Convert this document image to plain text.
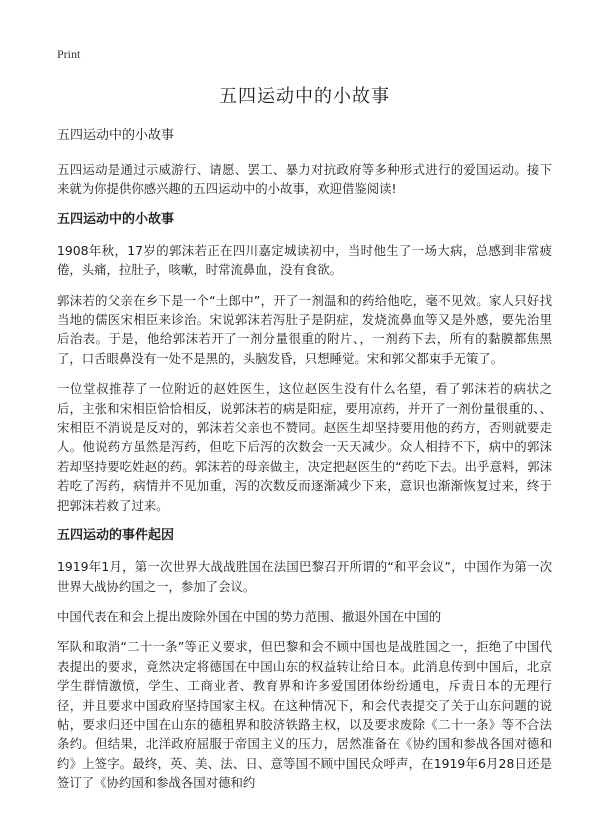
Print
五四运动中的小故事
五四运动中的小故事

五四运动是通过示威游行、请愿、罢工、暴力对抗政府等多种形式进行的爱国运动。接下来就为你提供你感兴趣的五四运动中的小故事，欢迎借鉴阅读!

五四运动中的小故事

1908年秋，17岁的郭沫若正在四川嘉定城读初中，当时他生了一场大病，总感到非常疲倦，头痛，拉肚子，咳嗽，时常流鼻血，没有食欲。

郭沫若的父亲在乡下是一个“土郎中”，开了一剂温和的药给他吃，毫不见效。家人只好找当地的儒医宋相臣来诊治。宋说郭沫若泻肚子是阴症，发烧流鼻血等又是外感，要先治里后治表。于是，他给郭沫若开了一剂分量很重的附片、，一剂药下去，所有的黏膜都焦黑了，口舌眼鼻没有一处不是黑的，头脑发昏，只想睡觉。宋和郭父都束手无策了。

一位堂叔推荐了一位附近的赵姓医生，这位赵医生没有什么名望，看了郭沫若的病状之后，主张和宋相臣恰恰相反，说郭沫若的病是阳症，要用凉药，并开了一剂份量很重的、、宋相臣不消说是反对的，郭沫若父亲也不赞同。赵医生却坚持要用他的药方，否则就要走人。他说药方虽然是泻药，但吃下后泻的次数会一天天减少。众人相持不下，病中的郭沫若却坚持要吃姓赵的药。郭沫若的母亲做主，决定把赵医生的“药吃下去。出乎意料，郭沫若吃了泻药，病情并不见加重，泻的次数反而逐渐减少下来，意识也渐渐恢复过来，终于把郭沫若救了过来。

五四运动的事件起因

1919年1月，第一次世界大战战胜国在法国巴黎召开所谓的“和平会议”，中国作为第一次世界大战协约国之一，参加了会议。

中国代表在和会上提出废除外国在中国的势力范围、撤退外国在中国的

军队和取消“二十一条”等正义要求，但巴黎和会不顾中国也是战胜国之一，拒绝了中国代表提出的要求，竟然决定将德国在中国山东的权益转让给日本。此消息传到中国后，北京学生群情激愤，学生、工商业者、教育界和许多爱国团体纷纷通电，斥责日本的无理行径，并且要求中国政府坚持国家主权。在这种情况下，和会代表提交了关于山东问题的说帖，要求归还中国在山东的德租界和胶济铁路主权，以及要求废除《二十一条》等不合法条约。但结果，北洋政府屈服于帝国主义的压力，居然准备在《协约国和参战各国对德和约》上签字。最终，英、美、法、日、意等国不顾中国民众呼声，在1919年6月28日还是签订了《协约国和参战各国对德和约
